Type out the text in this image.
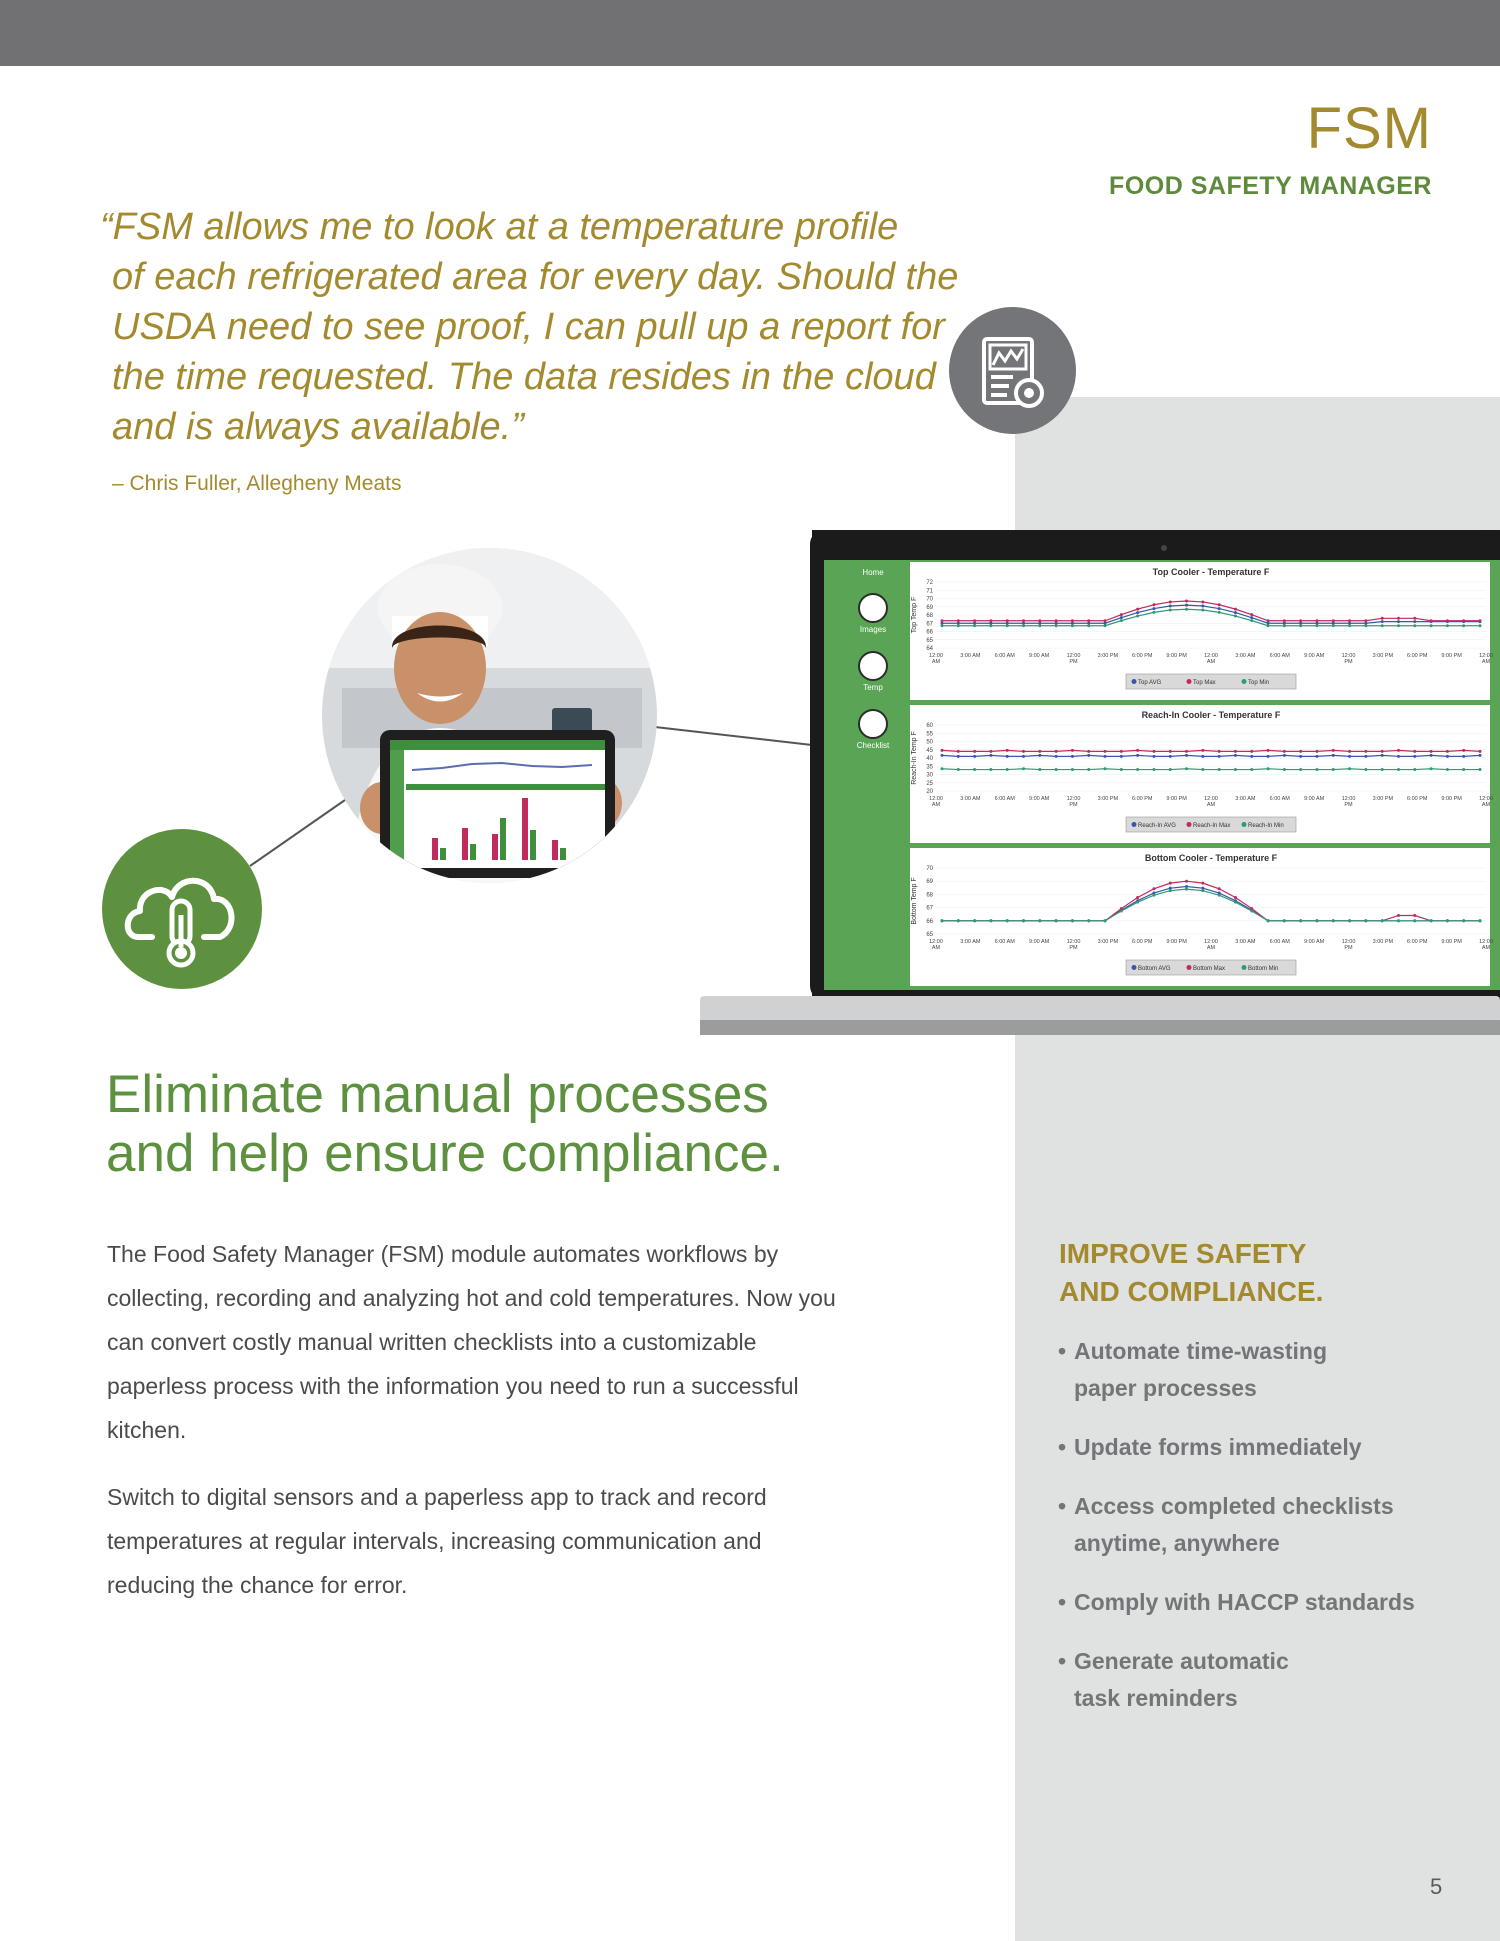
FSM
FOOD SAFETY MANAGER
“FSM allows me to look at a temperature profile
of each refrigerated area for every day. Should the
USDA need to see proof, I can pull up a report for
the time requested. The data resides in the cloud
and is always available.”
– Chris Fuller, Allegheny Meats
Home
Images
Temp
Checklist
Top Cooler - Temperature F
Top Temp F
64
65
66
67
68
69
70
71
72
12:00 AM
3:00 AM	6:00 AM	9:00 AM	12:00 PM
3:00 PM	6:00 PM	9:00 PM	12:00 AM
3:00 AM	6:00 AM	9:00 AM	12:00 PM
3:00 PM	6:00 PM	9:00 PM	12:00 AM
Top AVG	Top Max	Top Min
Reach-In Cooler - Temperature F
Reach-In Temp F
20
25
30
35
40
45
50
55
60
12:00 AM
3:00 AM	6:00 AM	9:00 AM	12:00 PM
3:00 PM	6:00 PM	9:00 PM	12:00 AM
3:00 AM	6:00 AM	9:00 AM	12:00 PM
3:00 PM	6:00 PM	9:00 PM	12:00 AM
Reach-In AVG	Reach-In Max	Reach-In Min
Bottom Cooler - Temperature F
Bottom Temp F
65
66
67
68
69
70
12:00 AM
3:00 AM	6:00 AM	9:00 AM	12:00 PM
3:00 PM	6:00 PM	9:00 PM	12:00 AM
3:00 AM	6:00 AM	9:00 AM	12:00 PM
3:00 PM	6:00 PM	9:00 PM	12:00 AM
Bottom AVG	Bottom Max	Bottom Min
Eliminate manual processes
and help ensure compliance.

The Food Safety Manager (FSM) module automates workflows by collecting, recording and analyzing hot and cold temperatures. Now you can convert costly manual written checklists into a customizable paperless process with the information you need to run a successful kitchen.

Switch to digital sensors and a paperless app to track and record temperatures at regular intervals, increasing communication and reducing the chance for error.

IMPROVE SAFETY
AND COMPLIANCE.
• Automate time-wasting
paper processes
• Update forms immediately
• Access completed checklists
anytime, anywhere
• Comply with HACCP standards
• Generate automatic
task reminders
5
